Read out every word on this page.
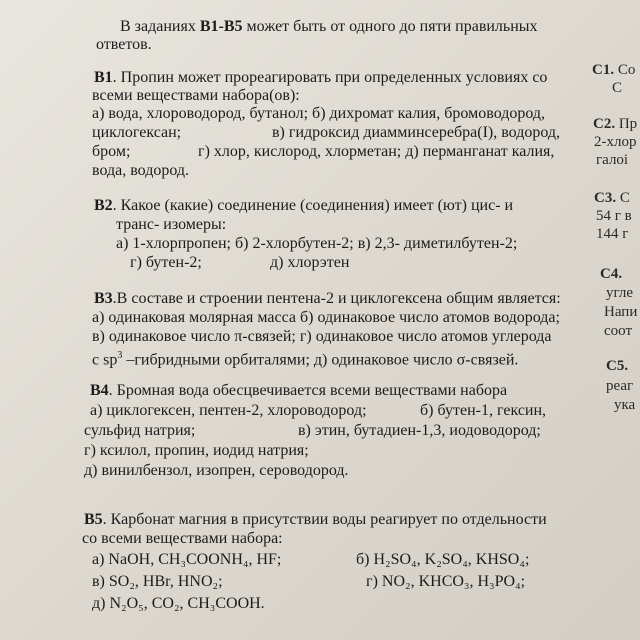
В заданиях B1-B5 может быть от одного до пяти правильных
ответов.
B1. Пропин может прореагировать при определенных условиях со
всеми веществами набора(ов):
а) вода, хлороводород, бутанол; б) дихромат калия, бромоводород,
циклогексан;	в) гидроксид диамминсеребра(I), водород,
бром;	г) хлор, кислород, хлорметан; д) перманганат калия,
вода, водород.
B2. Какое (какие) соединение (соединения) имеет (ют) цис- и
транс- изомеры:
а) 1-хлорпропен; б) 2-хлорбутен-2; в) 2,3- диметилбутен-2;
г) бутен-2;	д) хлорэтен
B3.В составе и строении пентена-2 и циклогексена общим является:
а) одинаковая молярная масса б) одинаковое число атомов водорода;
в) одинаковое число π-связей; г) одинаковое число атомов углерода
с $sp^3$ –гибридными орбиталями; д) одинаковое число σ-связей.
B4. Бромная вода обесцвечивается всеми веществами набора
а) циклогексен, пентен-2, хлороводород;	б) бутен-1, гексин,
сульфид натрия;	в) этин, бутадиен-1,3, иодоводород;
г) ксилол, пропин, иодид натрия;
д) винилбензол, изопрен, сероводород.
B5. Карбонат магния в присутствии воды реагирует по отдельности
со всеми веществами набора:
а) NaOH, CH₃COONH₄, HF;	б) H₂SO₄, K₂SO₄, KHSO₄;
в) SO₂, HBr, HNO₂;	г) NO₂, KHCO₃, H₃PO₄;
д) N₂O₅, CO₂, CH₃COOH.
С1. Со
С
С2. Пр
2-хлор
галоі
С3. С
54 г в
144 г
С4.
угле
Напи
соот
С5.
реаг
ука
